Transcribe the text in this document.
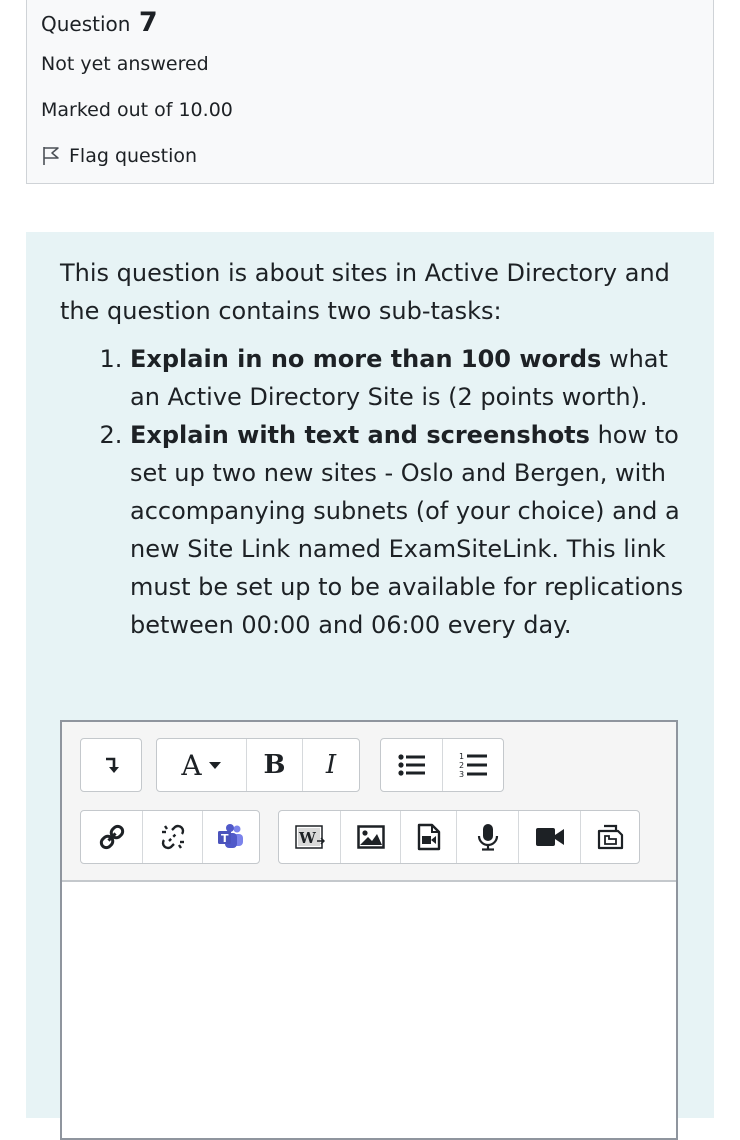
Question 7
Not yet answered
Marked out of 10.00
Flag question

This question is about sites in Active Directory and the question contains two sub-tasks:

1. Explain in no more than 100 words what an Active Directory Site is (2 points worth).
2. Explain with text and screenshots how to set up two new sites - Oslo and Bergen, with accompanying subnets (of your choice) and a new Site Link named ExamSiteLink. This link must be set up to be available for replications between 00:00 and 06:00 every day.
A B I	1
2
3
T	W
